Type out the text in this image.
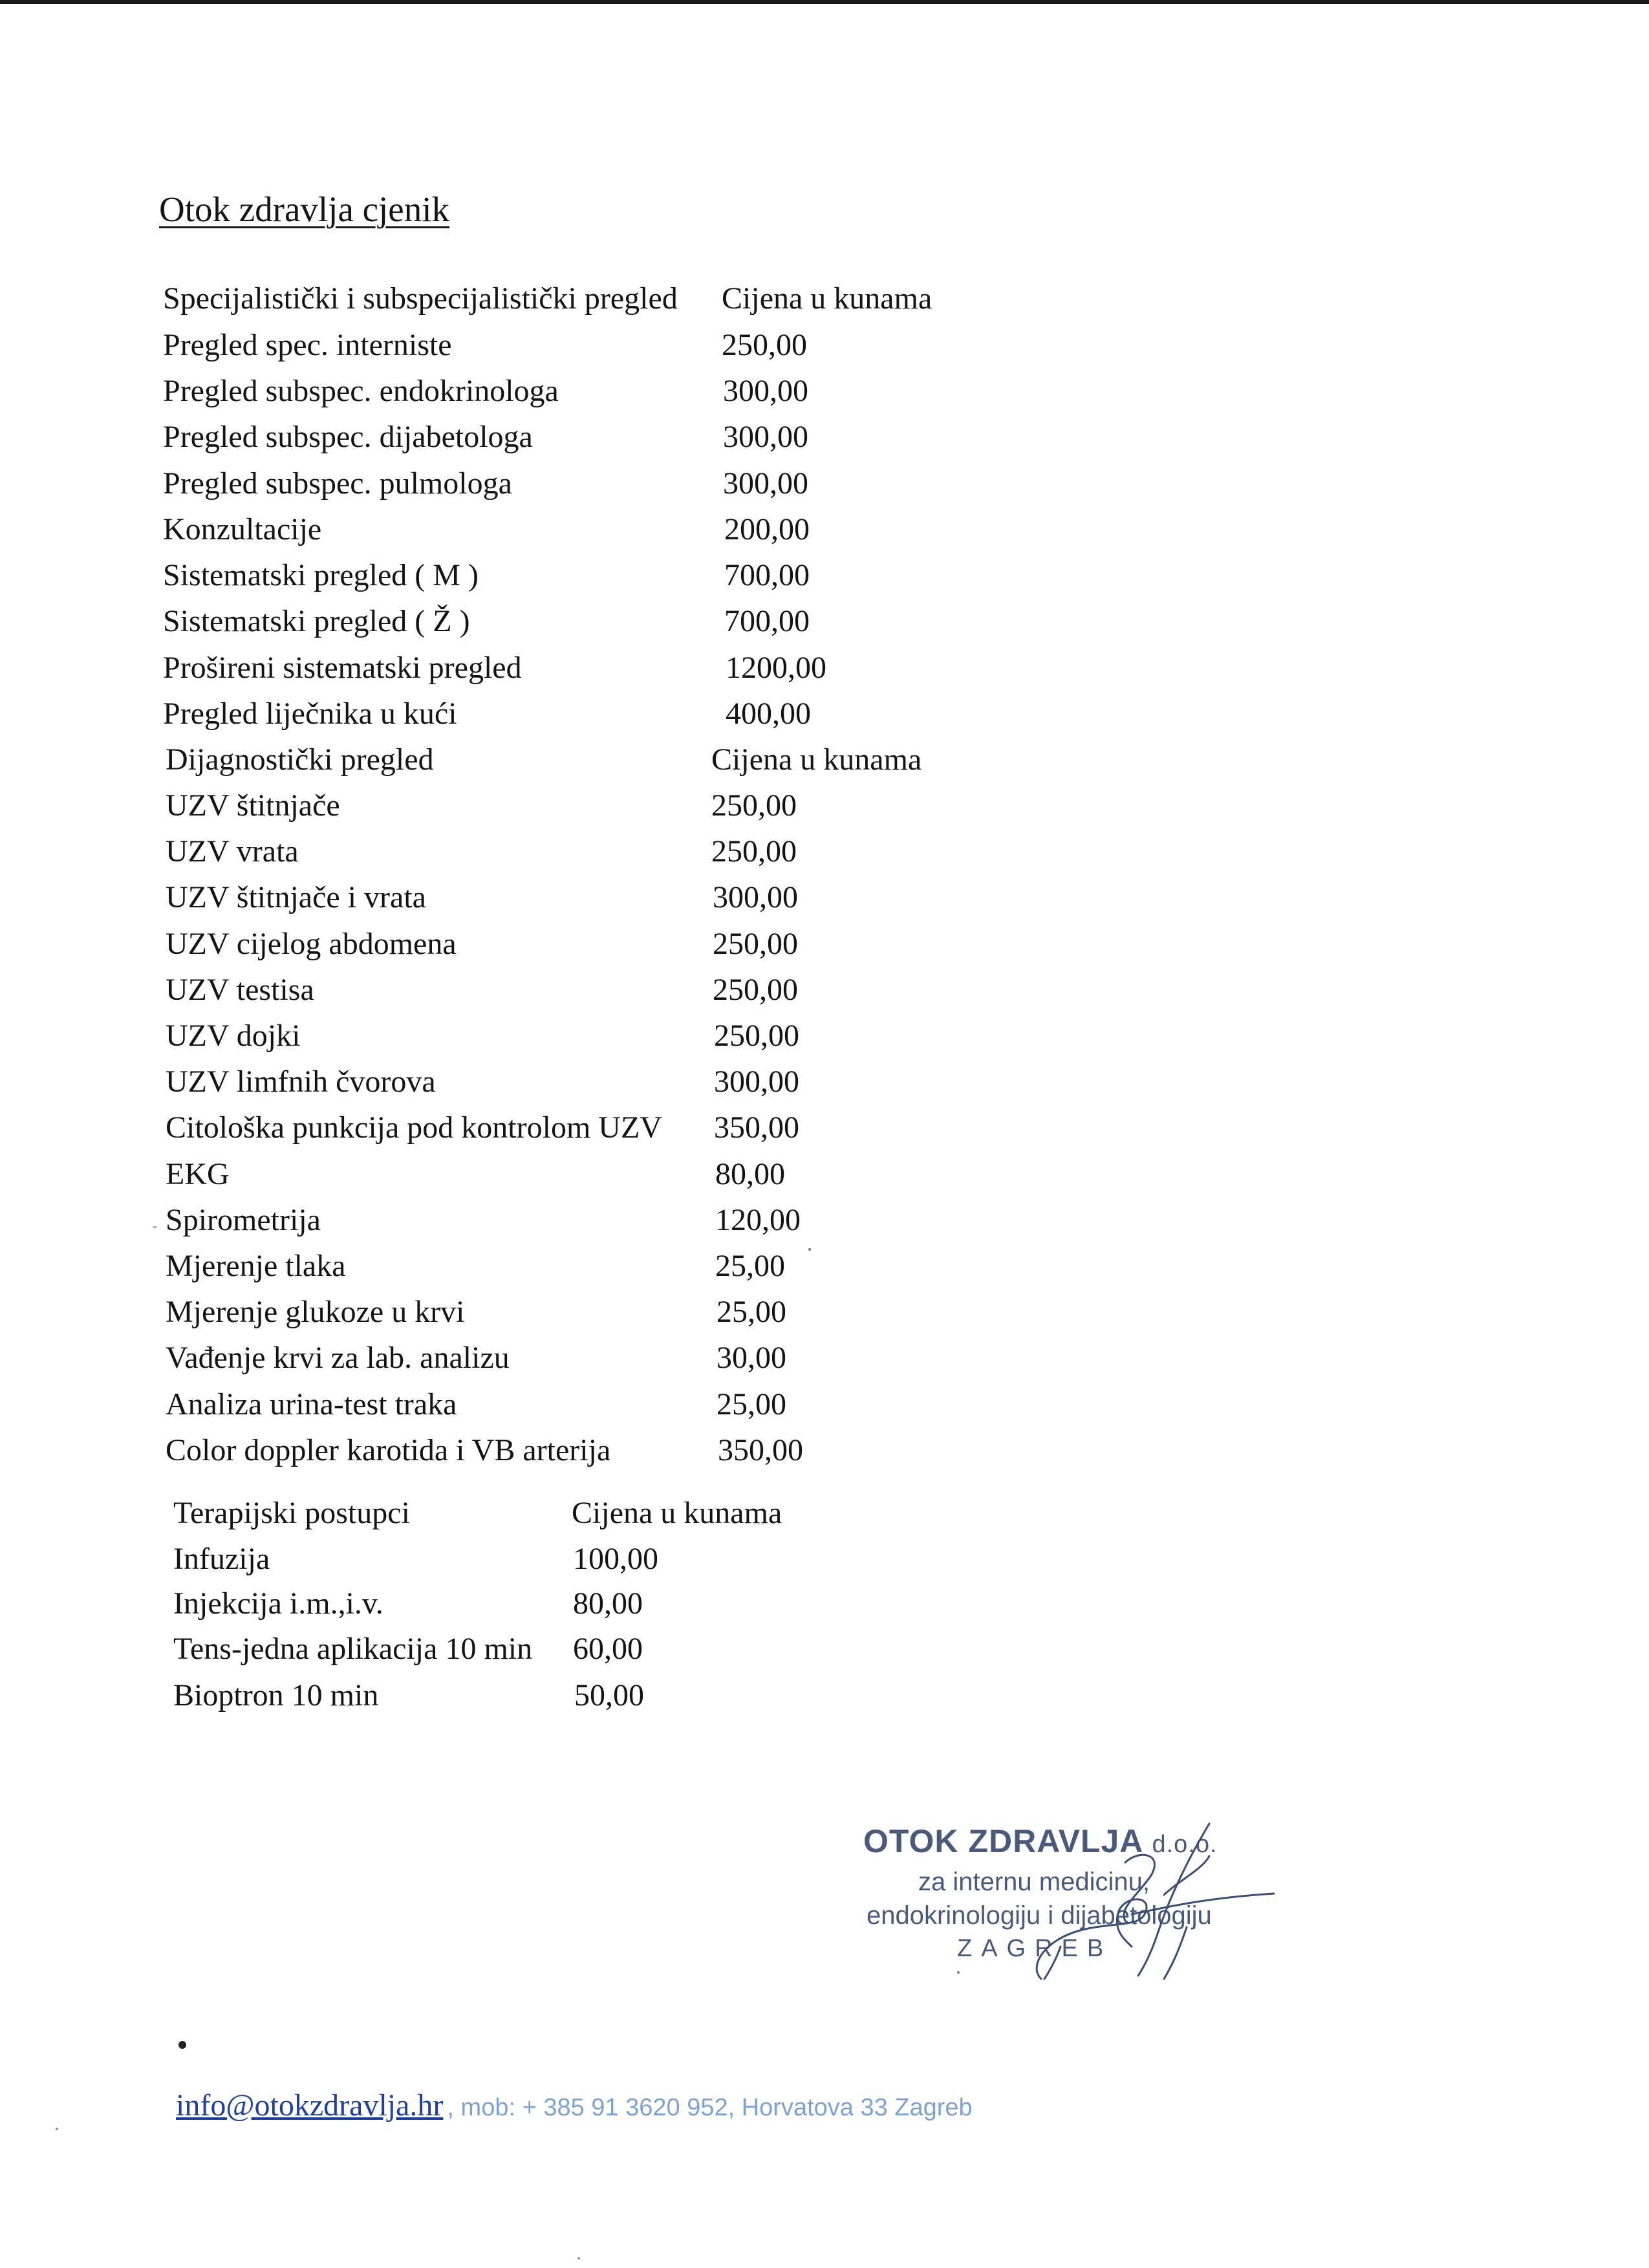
Otok zdravlja cjenik
Specijalistički i subspecijalistički pregled Cijena u kunama
Pregled spec. interniste	250,00
Pregled subspec. endokrinologa	300,00
Pregled subspec. dijabetologa	300,00
Pregled subspec. pulmologa	300,00
Konzultacije	200,00
Sistematski pregled ( M )	700,00
Sistematski pregled ( Ž )	700,00
Prošireni sistematski pregled	1200,00
Pregled liječnika u kući	400,00
Dijagnostički pregled	Cijena u kunama
UZV štitnjače	250,00
UZV vrata	250,00
UZV štitnjače i vrata	300,00
UZV cijelog abdomena	250,00
UZV testisa	250,00
UZV dojki	250,00
UZV limfnih čvorova	300,00
Citološka punkcija pod kontrolom UZV 350,00
EKG	80,00
Spirometrija	120,00
Mjerenje tlaka	25,00
Mjerenje glukoze u krvi	25,00
Vađenje krvi za lab. analizu	30,00
Analiza urina-test traka	25,00
Color doppler karotida i VB arterija	350,00
Terapijski postupci	Cijena u kunama
Infuzija	100,00
Injekcija i.m.,i.v.	80,00
Tens-jedna aplikacija 10 min 60,00
Bioptron 10 min	50,00
OTOK ZDRAVLJA d.o.o.
za internu medicinu,
endokrinologiju i dijabetologiju
ZAGREB
info@otokzdravlja.hr , mob: + 385 91 3620 952, Horvatova 33 Zagreb
